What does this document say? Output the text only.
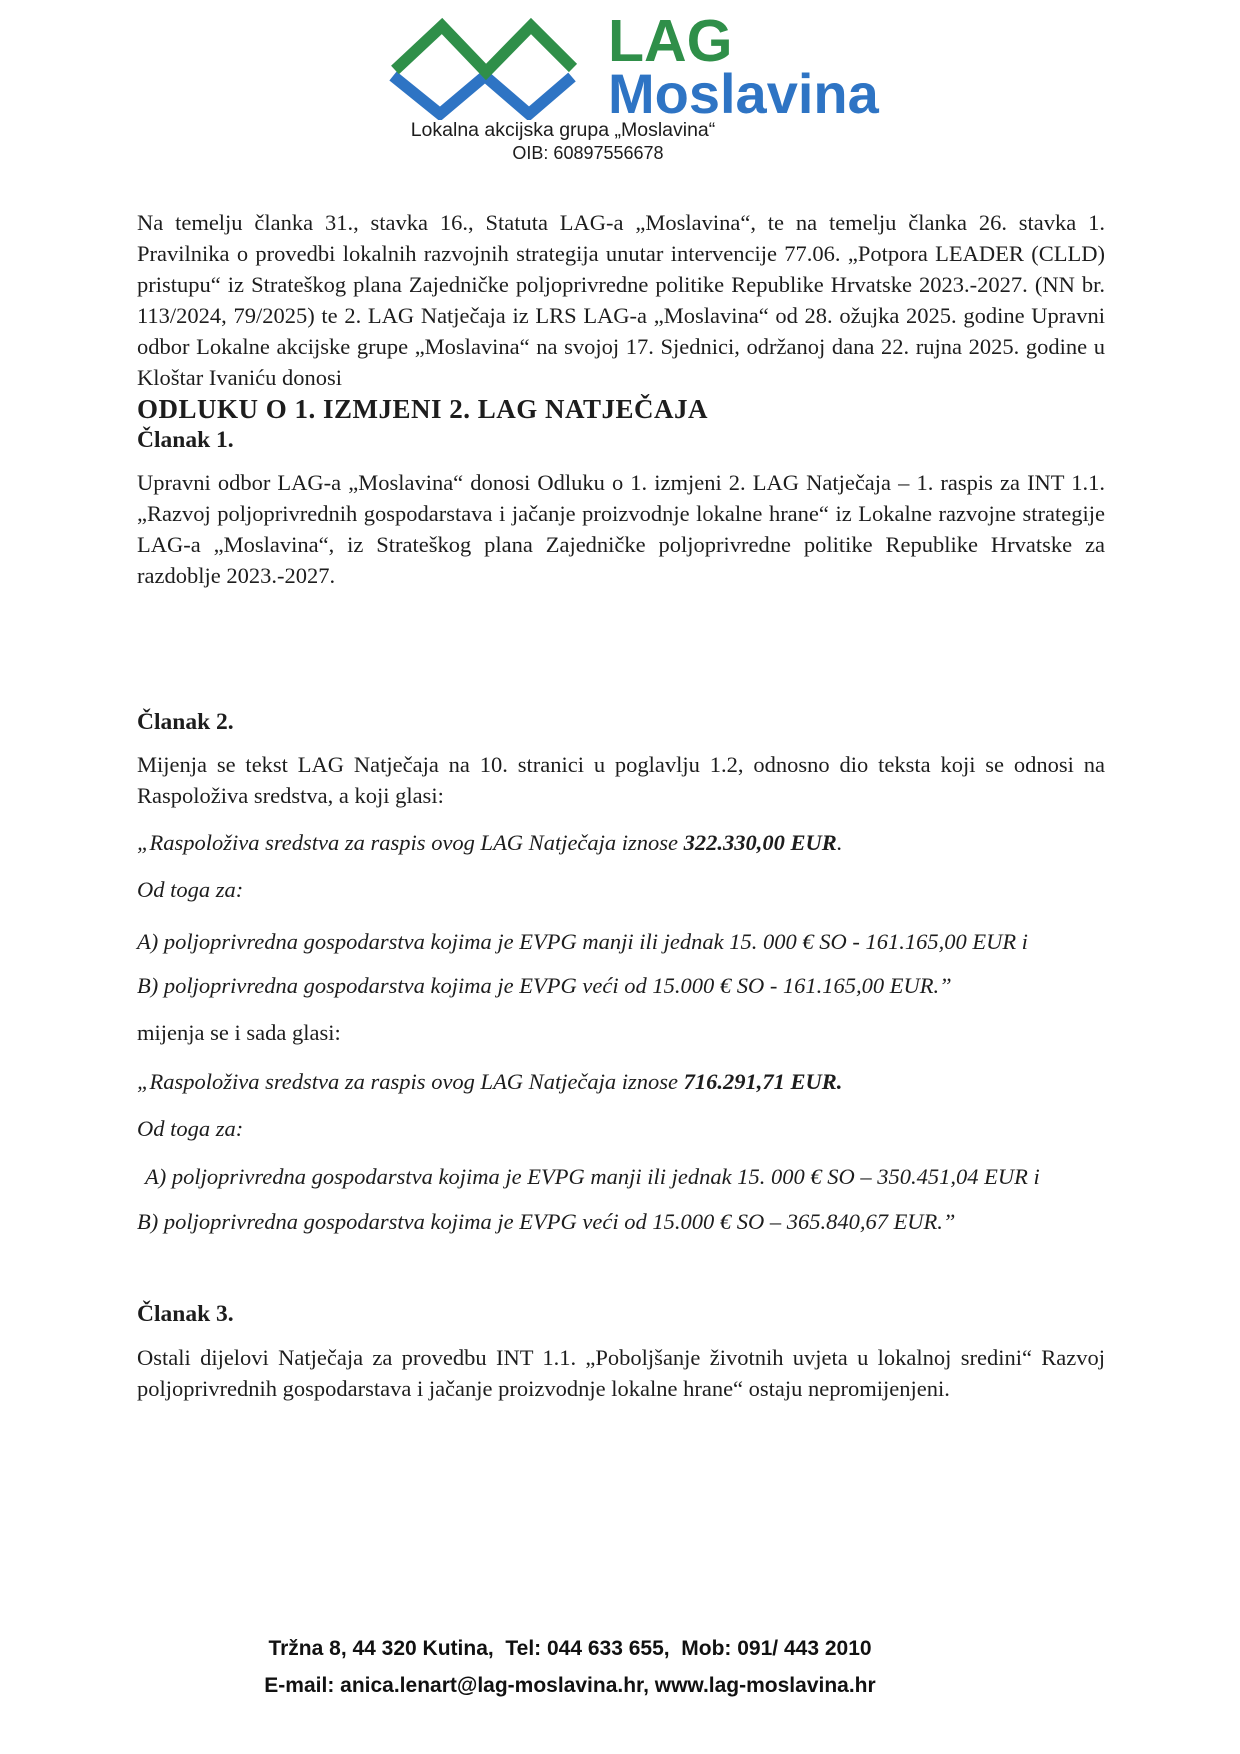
LAG
Moslavina
Lokalna akcijska grupa „Moslavina“
OIB: 60897556678

Na temelju članka 31., stavka 16., Statuta LAG-a „Moslavina“, te na temelju članka 26. stavka 1. Pravilnika o provedbi lokalnih razvojnih strategija unutar intervencije 77.06. „Potpora LEADER (CLLD) pristupu“ iz Strateškog plana Zajedničke poljoprivredne politike Republike Hrvatske 2023.-2027. (NN br. 113/2024, 79/2025) te 2. LAG Natječaja iz LRS LAG-a „Moslavina“ od 28. ožujka 2025. godine Upravni odbor Lokalne akcijske grupe „Moslavina“ na svojoj 17. Sjednici, održanoj dana 22. rujna 2025. godine u Kloštar Ivaniću donosi

ODLUKU O 1. IZMJENI 2. LAG NATJEČAJA

Članak 1.

Upravni odbor LAG-a „Moslavina“ donosi Odluku o 1. izmjeni 2. LAG Natječaja – 1. raspis za INT 1.1. „Razvoj poljoprivrednih gospodarstava i jačanje proizvodnje lokalne hrane“ iz Lokalne razvojne strategije LAG-a „Moslavina“, iz Strateškog plana Zajedničke poljoprivredne politike Republike Hrvatske za razdoblje 2023.-2027.

Članak 2.

Mijenja se tekst LAG Natječaja na 10. stranici u poglavlju 1.2, odnosno dio teksta koji se odnosi na Raspoloživa sredstva, a koji glasi:

„Raspoloživa sredstva za raspis ovog LAG Natječaja iznose 322.330,00 EUR.

Od toga za:

A) poljoprivredna gospodarstva kojima je EVPG manji ili jednak 15. 000 € SO - 161.165,00 EUR i

B) poljoprivredna gospodarstva kojima je EVPG veći od 15.000 € SO - 161.165,00 EUR.”

mijenja se i sada glasi:

„Raspoloživa sredstva za raspis ovog LAG Natječaja iznose 716.291,71 EUR.

Od toga za:

A) poljoprivredna gospodarstva kojima je EVPG manji ili jednak 15. 000 € SO – 350.451,04 EUR i

B) poljoprivredna gospodarstva kojima je EVPG veći od 15.000 € SO – 365.840,67 EUR.”

Članak 3.

Ostali dijelovi Natječaja za provedbu INT 1.1. „Poboljšanje životnih uvjeta u lokalnoj sredini“ Razvoj poljoprivrednih gospodarstava i jačanje proizvodnje lokalne hrane“ ostaju nepromijenjeni.

Tržna 8, 44 320 Kutina,  Tel: 044 633 655,  Mob: 091/ 443 2010
E-mail: anica.lenart@lag-moslavina.hr, www.lag-moslavina.hr
